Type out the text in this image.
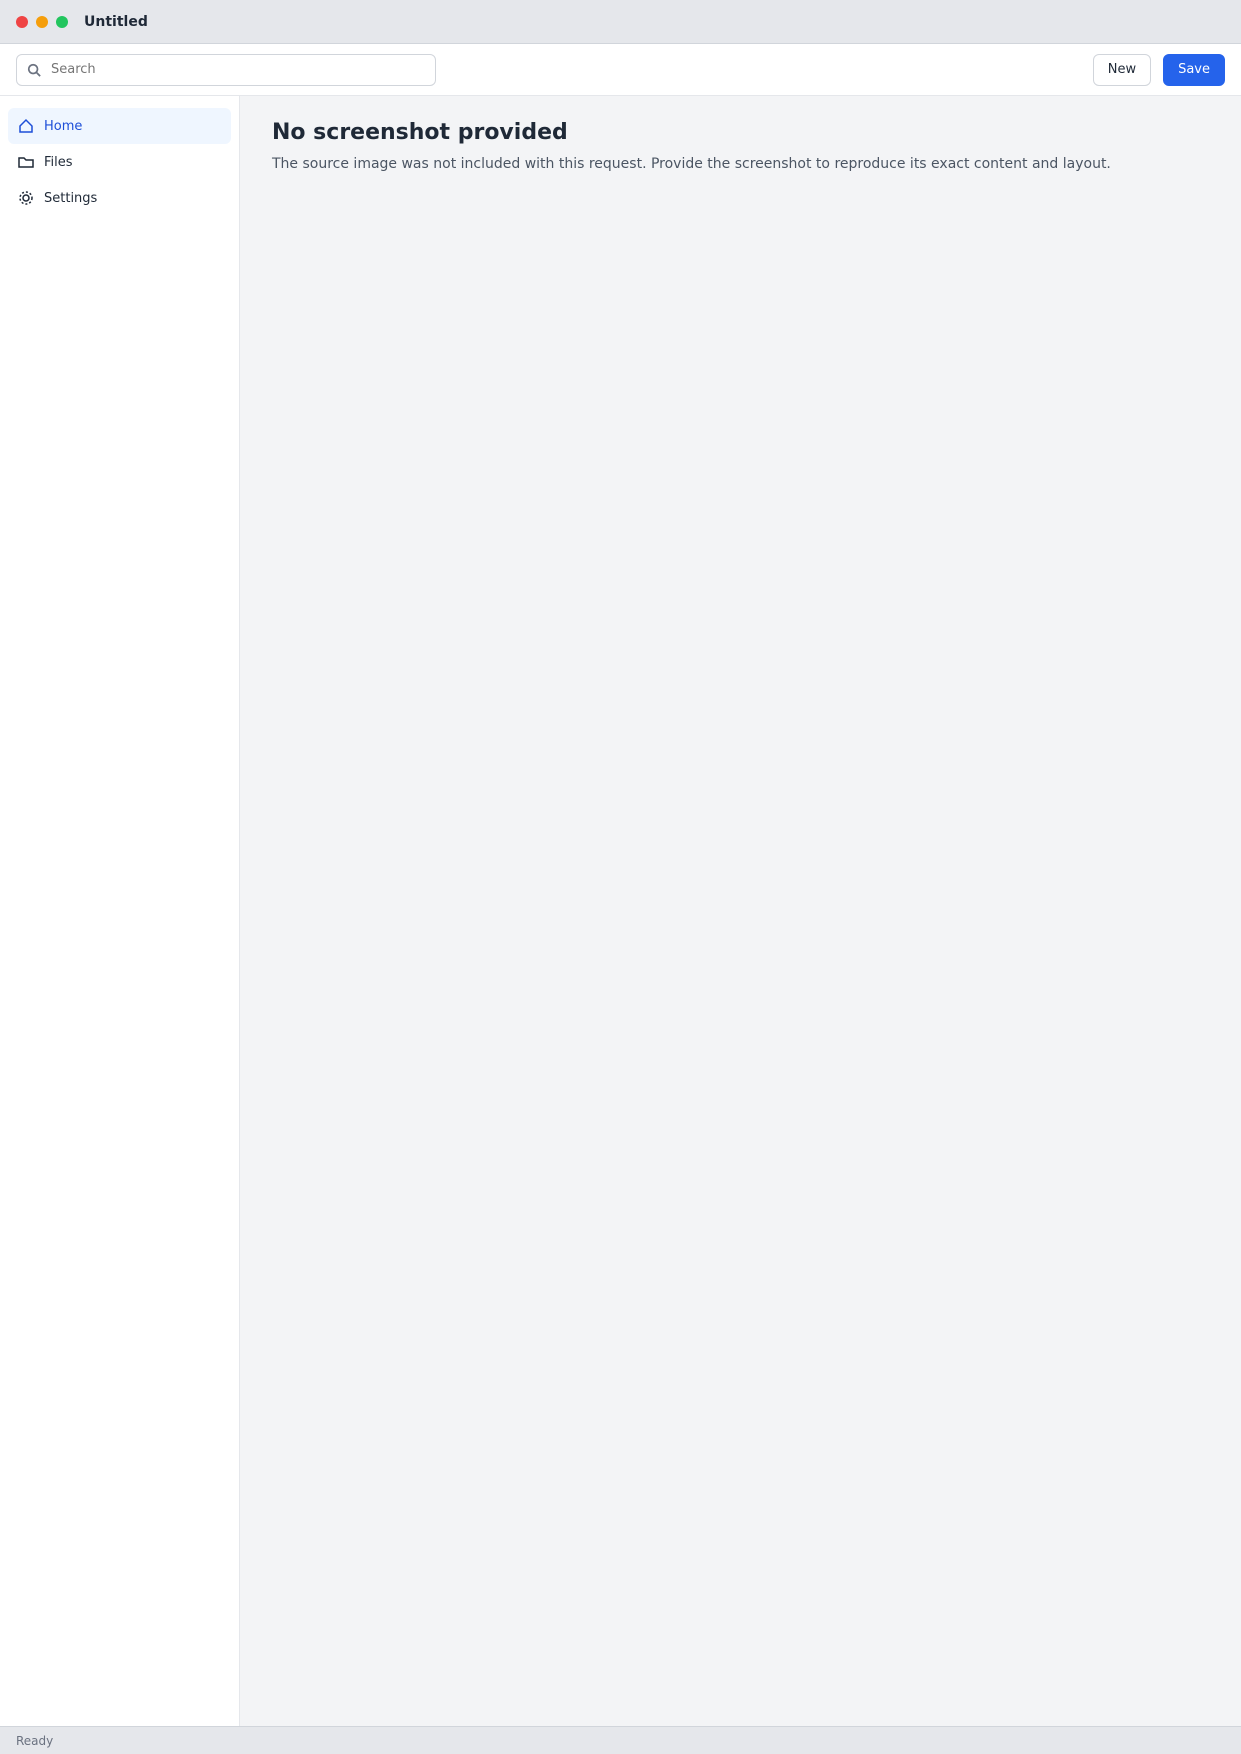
Untitled
Search
New	Save
Home
Files
Settings
No screenshot provided

The source image was not included with this request. Provide the screenshot to reproduce its exact content and layout.

Ready
